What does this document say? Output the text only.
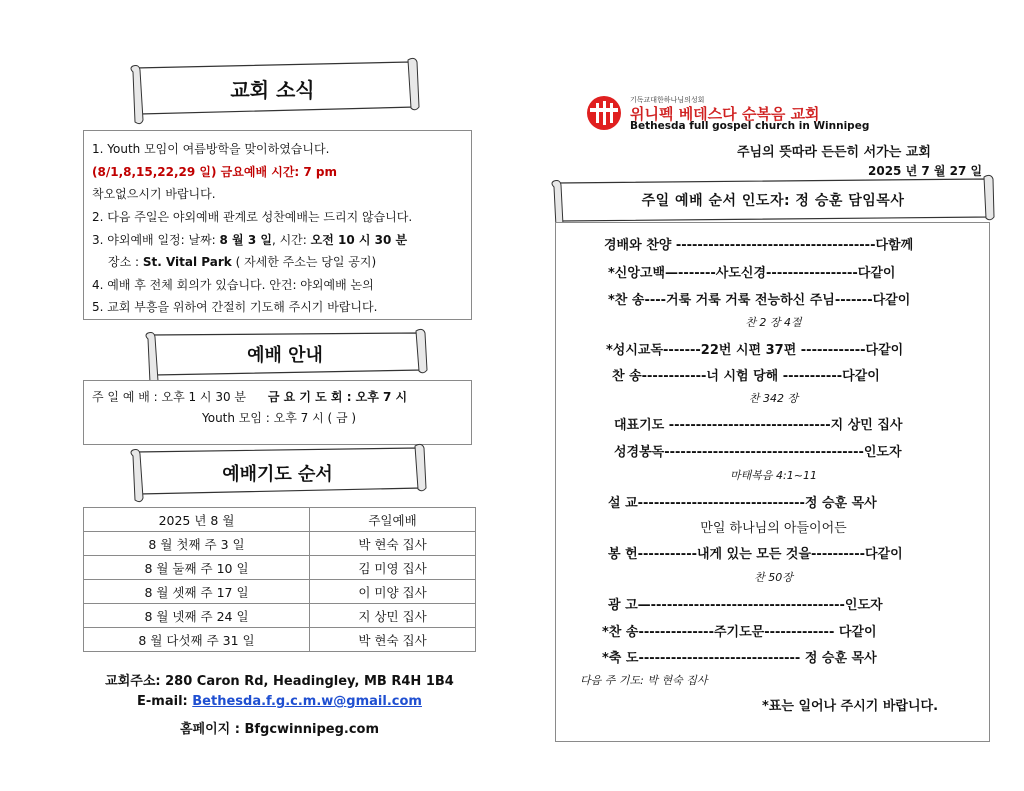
교회 소식
1. Youth 모임이 여름방학을 맞이하였습니다.
(8/1,8,15,22,29 일) 금요예배 시간: 7 pm
착오없으시기 바랍니다.
2. 다음 주일은 야외예배 관계로 성찬예배는 드리지 않습니다.
3. 야외예배 일정: 날짜: 8 월 3 일, 시간: 오전 10 시 30 분
장소 : St. Vital Park ( 자세한 주소는 당일 공지)
4. 예배 후 전체 회의가 있습니다. 안건: 야외예배 논의
5. 교회 부흥을 위하여 간절히 기도해 주시기 바랍니다.
예배 안내
주 일 예 배 : 오후 1 시 30 분 금 요 기 도 회 : 오후 7 시
Youth 모임 : 오후 7 시 ( 금 )
예배기도 순서
2025 년 8 월	주일예배
8 월 첫째 주 3 일	박 현숙 집사
8 월 둘째 주 10 일	김 미영 집사
8 월 셋째 주 17 일	이 미양 집사
8 월 넷째 주 24 일	지 상민 집사
8 월 다섯째 주 31 일	박 현숙 집사
교회주소: 280 Caron Rd, Headingley, MB R4H 1B4
E-mail: Bethesda.f.g.c.m.w@gmail.com
홈페이지 : Bfgcwinnipeg.com
기독교대한하나님의성회
위니펙 베데스다 순복음 교회
Bethesda full gospel church in Winnipeg
주님의 뜻따라 든든히 서가는 교회
2025 년 7 월 27 일
주일 예배 순서 인도자: 정 승훈 담임목사
경배와 찬양 -------------------------------------다함께
*신앙고백—-------사도신경-----------------다같이
*찬 송----거룩 거룩 거룩 전능하신 주님-------다같이
찬 2 장 4절
*성시교독-------22번 시편 37편 ------------다같이
찬 송------------너 시험 당해 -----------다같이
찬 342 장
대표기도 ------------------------------지 상민 집사
성경봉독-------------------------------------인도자
마태복음 4:1~11
설 교-------------------------------정 승훈 목사
만일 하나님의 아들이어든
봉 헌-----------내게 있는 모든 것을----------다같이
찬 50장
광 고—------------------------------------인도자
*찬 송--------------주기도문------------- 다같이
*축 도------------------------------ 정 승훈 목사
다음 주 기도: 박 현숙 집사
*표는 일어나 주시기 바랍니다.
